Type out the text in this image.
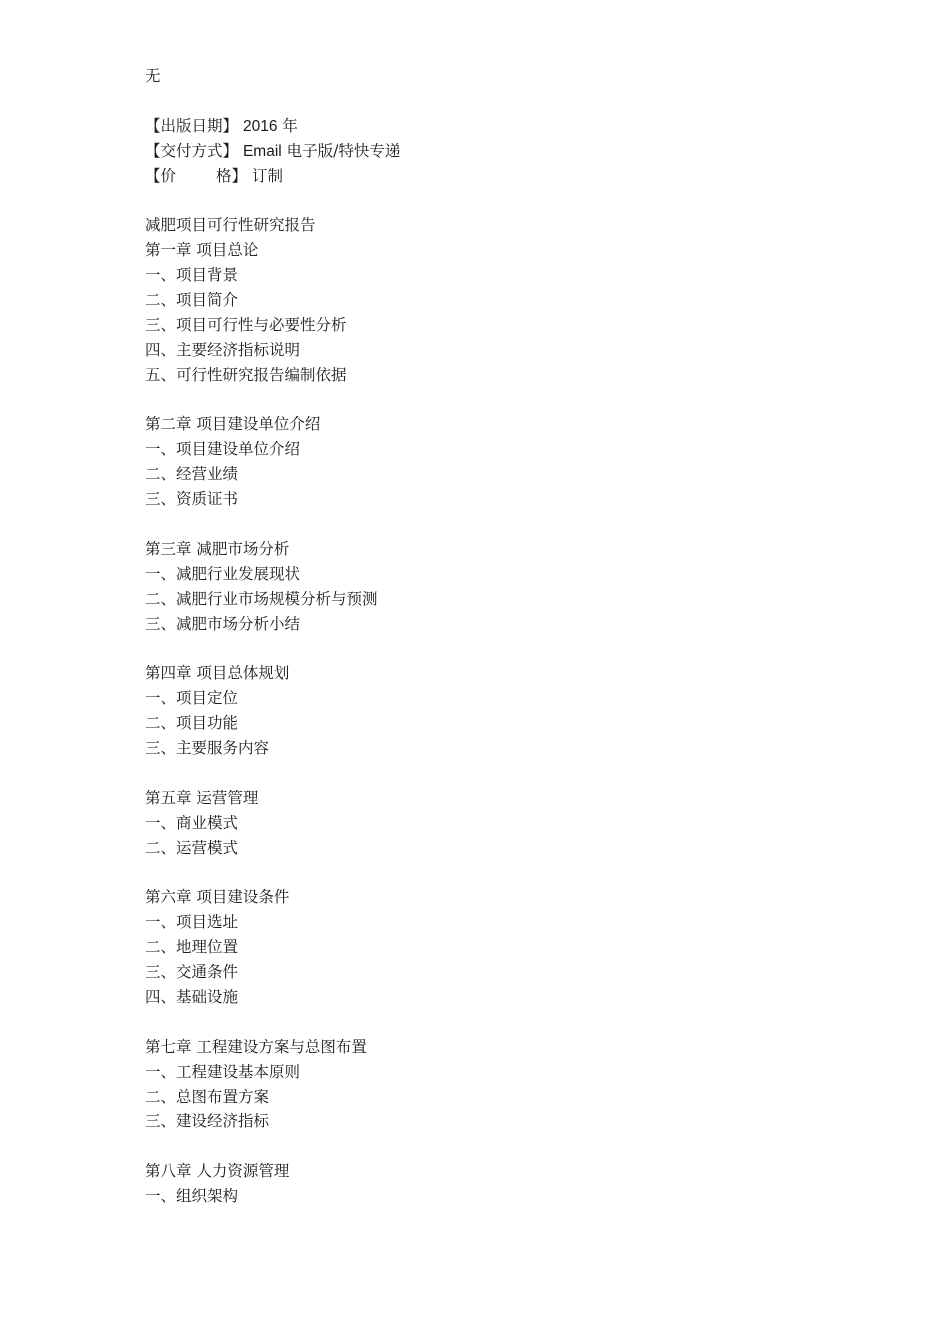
无
【出版日期】 2016 年
【交付方式】 Email 电子版/特快专递
【价	格】 订制
减肥项目可行性研究报告
第一章 项目总论
一、项目背景
二、项目简介
三、项目可行性与必要性分析
四、主要经济指标说明
五、可行性研究报告编制依据
第二章 项目建设单位介绍
一、项目建设单位介绍
二、经营业绩
三、资质证书
第三章 减肥市场分析
一、减肥行业发展现状
二、减肥行业市场规模分析与预测
三、减肥市场分析小结
第四章 项目总体规划
一、项目定位
二、项目功能
三、主要服务内容
第五章 运营管理
一、商业模式
二、运营模式
第六章 项目建设条件
一、项目选址
二、地理位置
三、交通条件
四、基础设施
第七章 工程建设方案与总图布置
一、工程建设基本原则
二、总图布置方案
三、建设经济指标
第八章 人力资源管理
一、组织架构
